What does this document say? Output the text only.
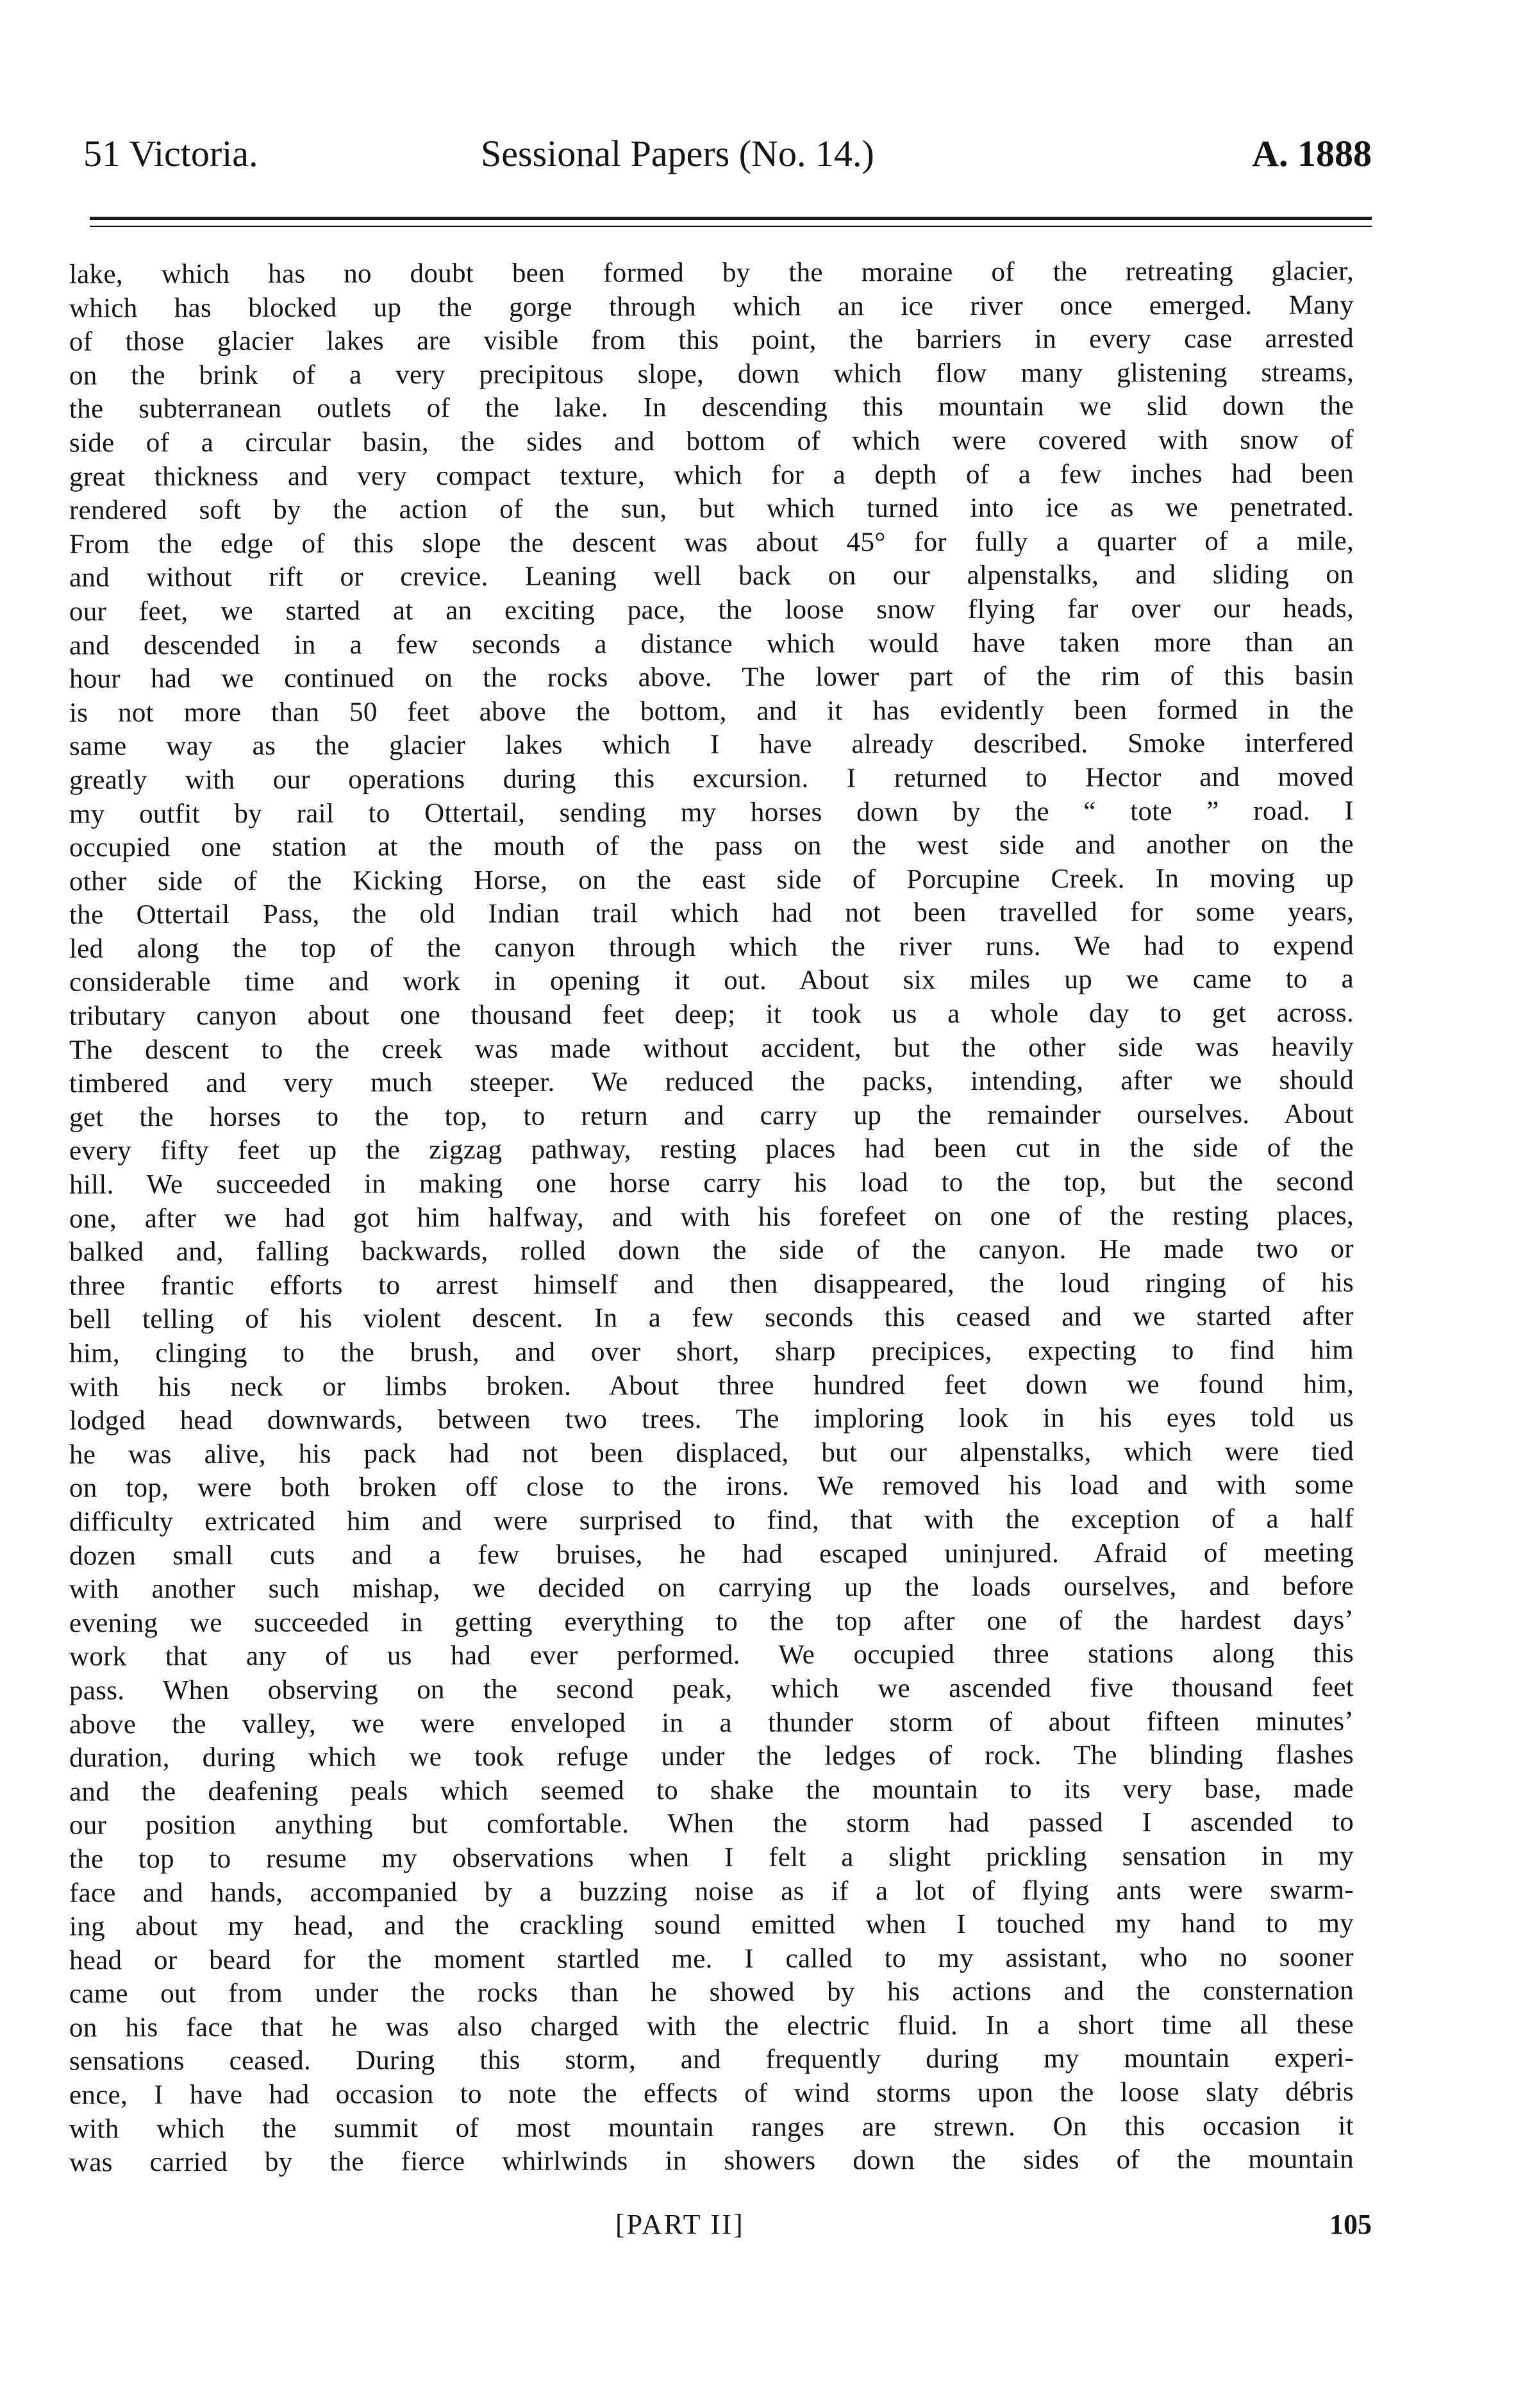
51 Victoria.	Sessional Papers (No. 14.)	A. 1888
lake, which has no doubt been formed by the moraine of the retreating glacier,
which has blocked up the gorge through which an ice river once emerged. Many
of those glacier lakes are visible from this point, the barriers in every case arrested
on the brink of a very precipitous slope, down which flow many glistening streams,
the subterranean outlets of the lake. In descending this mountain we slid down the
side of a circular basin, the sides and bottom of which were covered with snow of
great thickness and very compact texture, which for a depth of a few inches had been
rendered soft by the action of the sun, but which turned into ice as we penetrated.
From the edge of this slope the descent was about 45° for fully a quarter of a mile,
and without rift or crevice. Leaning well back on our alpenstalks, and sliding on
our feet, we started at an exciting pace, the loose snow flying far over our heads,
and descended in a few seconds a distance which would have taken more than an
hour had we continued on the rocks above. The lower part of the rim of this basin
is not more than 50 feet above the bottom, and it has evidently been formed in the
same way as the glacier lakes which I have already described. Smoke interfered
greatly with our operations during this excursion. I returned to Hector and moved
my outfit by rail to Ottertail, sending my horses down by the “ tote ” road. I
occupied one station at the mouth of the pass on the west side and another on the
other side of the Kicking Horse, on the east side of Porcupine Creek. In moving up
the Ottertail Pass, the old Indian trail which had not been travelled for some years,
led along the top of the canyon through which the river runs. We had to expend
considerable time and work in opening it out. About six miles up we came to a
tributary canyon about one thousand feet deep; it took us a whole day to get across.
The descent to the creek was made without accident, but the other side was heavily
timbered and very much steeper. We reduced the packs, intending, after we should
get the horses to the top, to return and carry up the remainder ourselves. About
every fifty feet up the zigzag pathway, resting places had been cut in the side of the
hill. We succeeded in making one horse carry his load to the top, but the second
one, after we had got him halfway, and with his forefeet on one of the resting places,
balked and, falling backwards, rolled down the side of the canyon. He made two or
three frantic efforts to arrest himself and then disappeared, the loud ringing of his
bell telling of his violent descent. In a few seconds this ceased and we started after
him, clinging to the brush, and over short, sharp precipices, expecting to find him
with his neck or limbs broken. About three hundred feet down we found him,
lodged head downwards, between two trees. The imploring look in his eyes told us
he was alive, his pack had not been displaced, but our alpenstalks, which were tied
on top, were both broken off close to the irons. We removed his load and with some
difficulty extricated him and were surprised to find, that with the exception of a half
dozen small cuts and a few bruises, he had escaped uninjured. Afraid of meeting
with another such mishap, we decided on carrying up the loads ourselves, and before
evening we succeeded in getting everything to the top after one of the hardest days’
work that any of us had ever performed. We occupied three stations along this
pass. When observing on the second peak, which we ascended five thousand feet
above the valley, we were enveloped in a thunder storm of about fifteen minutes’
duration, during which we took refuge under the ledges of rock. The blinding flashes
and the deafening peals which seemed to shake the mountain to its very base, made
our position anything but comfortable. When the storm had passed I ascended to
the top to resume my observations when I felt a slight prickling sensation in my
face and hands, accompanied by a buzzing noise as if a lot of flying ants were swarm-
ing about my head, and the crackling sound emitted when I touched my hand to my
head or beard for the moment startled me. I called to my assistant, who no sooner
came out from under the rocks than he showed by his actions and the consternation
on his face that he was also charged with the electric fluid. In a short time all these
sensations ceased. During this storm, and frequently during my mountain experi-
ence, I have had occasion to note the effects of wind storms upon the loose slaty débris
with which the summit of most mountain ranges are strewn. On this occasion it
was carried by the fierce whirlwinds in showers down the sides of the mountain
[PART II]	105
